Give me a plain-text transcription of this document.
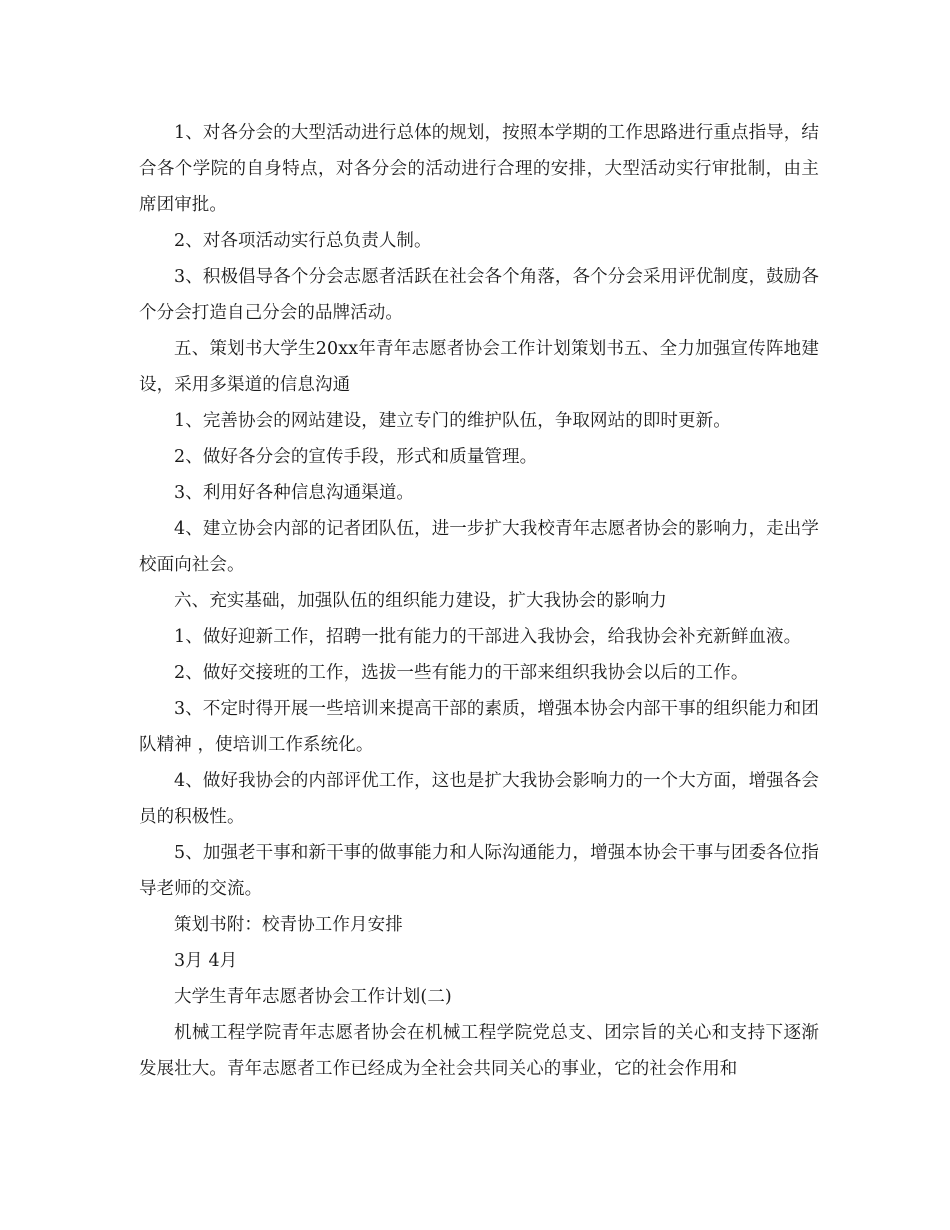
1、对各分会的大型活动进行总体的规划，按照本学期的工作思路进行重点指导，结合各个学院的自身特点，对各分会的活动进行合理的安排，大型活动实行审批制，由主席团审批。

2、对各项活动实行总负责人制。

3、积极倡导各个分会志愿者活跃在社会各个角落，各个分会采用评优制度，鼓励各个分会打造自己分会的品牌活动。

五、策划书大学生20xx年青年志愿者协会工作计划策划书五、全力加强宣传阵地建设，采用多渠道的信息沟通

1、完善协会的网站建设，建立专门的维护队伍，争取网站的即时更新。

2、做好各分会的宣传手段，形式和质量管理。

3、利用好各种信息沟通渠道。

4、建立协会内部的记者团队伍，进一步扩大我校青年志愿者协会的影响力，走出学校面向社会。

六、充实基础，加强队伍的组织能力建设，扩大我协会的影响力

1、做好迎新工作，招聘一批有能力的干部进入我协会，给我协会补充新鲜血液。

2、做好交接班的工作，选拔一些有能力的干部来组织我协会以后的工作。

3、不定时得开展一些培训来提高干部的素质，增强本协会内部干事的组织能力和团队精神 ，使培训工作系统化。

4、做好我协会的内部评优工作，这也是扩大我协会影响力的一个大方面，增强各会员的积极性。

5、加强老干事和新干事的做事能力和人际沟通能力，增强本协会干事与团委各位指导老师的交流。

策划书附：校青协工作月安排

3月 4月

大学生青年志愿者协会工作计划(二)

机械工程学院青年志愿者协会在机械工程学院党总支、团宗旨的关心和支持下逐渐发展壮大。青年志愿者工作已经成为全社会共同关心的事业，它的社会作用和
